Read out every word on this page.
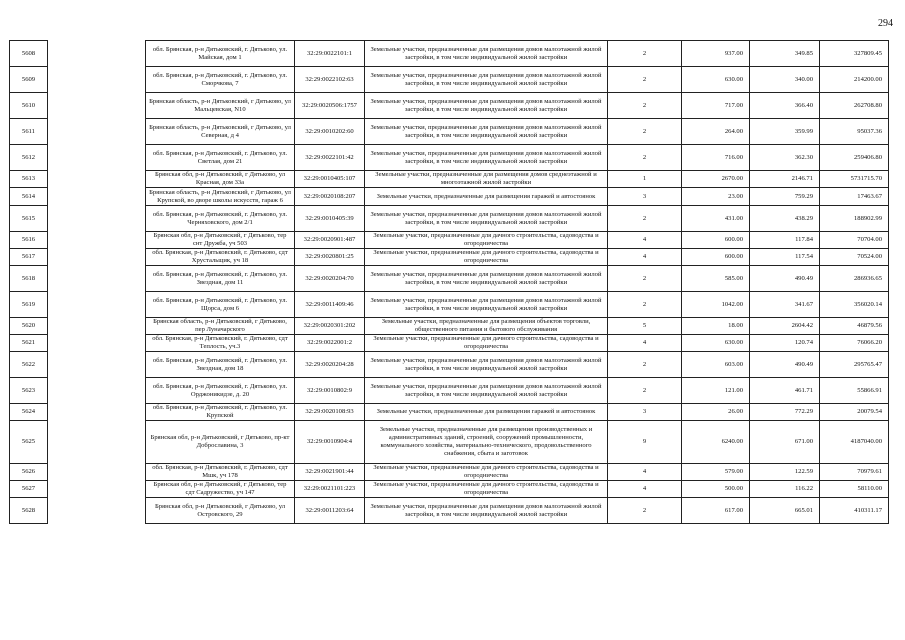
294
5608		обл. Брянская, р-н Дятьковский, г. Дятьково, ул. Майская, дом 1	32:29:0022101:1	Земельные участки, предназначенные для размещения домов малоэтажной жилой застройки, в том числе индивидуальной жилой застройки	2	937.00	349.85	327809.45
5609		обл. Брянская, р-н Дятьковский, г. Дятьково, ул. Сморчкова, 7	32:29:0022102:63	Земельные участки, предназначенные для размещения домов малоэтажной жилой застройки, в том числе индивидуальной жилой застройки	2	630.00	340.00	214200.00
5610		Брянская область, р-н Дятьковский, г Дятьково, ул Мальцевская, N10	32:29:0020506:1757	Земельные участки, предназначенные для размещения домов малоэтажной жилой застройки, в том числе индивидуальной жилой застройки	2	717.00	366.40	262708.80
5611		Брянская область, р-н Дятьковский, г Дятьково, ул Северная, д 4	32:29:0010202:60	Земельные участки, предназначенные для размещения домов малоэтажной жилой застройки, в том числе индивидуальной жилой застройки	2	264.00	359.99	95037.36
5612		обл. Брянская, р-н Дятьковский, г. Дятьково, ул. Светлая, дом 21	32:29:0022101:42	Земельные участки, предназначенные для размещения домов малоэтажной жилой застройки, в том числе индивидуальной жилой застройки	2	716.00	362.30	259406.80
5613		Брянская обл, р-н Дятьковский, г Дятьково, ул Красная, дом 33а	32:29:0010405:107	Земельные участки, предназначенные для размещения домов среднеэтажной и многоэтажной жилой застройки	1	2670.00	2146.71	5731715.70
5614		Брянская область, р-н Дятьковский, г Дятьково, ул Крупской, во дворе школы искусств, гараж 6	32:29:0020108:207	Земельные участки, предназначенные для размещения гаражей и автостоянок	3	23.00	759.29	17463.67
5615		обл. Брянская, р-н Дятьковский, г. Дятьково, ул. Черняховского, дом 2/1	32:29:0010405:39	Земельные участки, предназначенные для размещения домов малоэтажной жилой застройки, в том числе индивидуальной жилой застройки	2	431.00	438.29	188902.99
5616		Брянская обл, р-н Дятьковский, г Дятьково, тер снт Дружба, уч 503	32:29:0020901:487	Земельные участки, предназначенные для дачного строительства, садоводства и огородничества	4	600.00	117.84	70704.00
5617		обл. Брянская, р-н Дятьковский, г. Дятьково, сдт Хрустальщик, уч 18	32:29:0020801:25	Земельные участки, предназначенные для дачного строительства, садоводства и огородничества	4	600.00	117.54	70524.00
5618		обл. Брянская, р-н Дятьковский, г. Дятьково, ул. Звездная, дом 11	32:29:0020204:70	Земельные участки, предназначенные для размещения домов малоэтажной жилой застройки, в том числе индивидуальной жилой застройки	2	585.00	490.49	286936.65
5619		обл. Брянская, р-н Дятьковский, г. Дятьково, ул. Щорса, дом 6	32:29:0011409:46	Земельные участки, предназначенные для размещения домов малоэтажной жилой застройки, в том числе индивидуальной жилой застройки	2	1042.00	341.67	356020.14
5620		Брянская область, р-н Дятьковский, г Дятьково, пер Луначарского	32:29:0020301:202	Земельные участки, предназначенные для размещения объектов торговли, общественного питания и бытового обслуживания	5	18.00	2604.42	46879.56
5621		обл. Брянская, р-н Дятьковский, г. Дятьково, сдт Теплость, уч.3	32:29:0022001:2	Земельные участки, предназначенные для дачного строительства, садоводства и огородничества	4	630.00	120.74	76066.20
5622		обл. Брянская, р-н Дятьковский, г. Дятьково, ул. Звездная, дом 18	32:29:0020204:28	Земельные участки, предназначенные для размещения домов малоэтажной жилой застройки, в том числе индивидуальной жилой застройки	2	603.00	490.49	295765.47
5623		обл. Брянская, р-н Дятьковский, г. Дятьково, ул. Орджоникидзе, д. 20	32:29:0010802:9	Земельные участки, предназначенные для размещения домов малоэтажной жилой застройки, в том числе индивидуальной жилой застройки	2	121.00	461.71	55866.91
5624		обл. Брянская, р-н Дятьковский, г. Дятьково, ул. Крупской	32:29:0020108:93	Земельные участки, предназначенные для размещения гаражей и автостоянок	3	26.00	772.29	20079.54
5625		Брянская обл, р-н Дятьковский, г Дятьково, пр-кт Доброславина, 3	32:29:0010904:4	Земельные участки, предназначенные для размещения производственных и административных зданий, строений, сооружений промышленности, коммунального хозяйства, материально-технического, продовольственного снабжения, сбыта и заготовок	9	6240.00	671.00	4187040.00
5626		обл. Брянская, р-н Дятьковский, г. Дятьково, сдт Мшк, уч 178	32:29:0021901:44	Земельные участки, предназначенные для дачного строительства, садоводства и огородничества	4	579.00	122.59	70979.61
5627		Брянская обл, р-н Дятьковский, г Дятьково, тер сдт Садружество, уч 147	32:29:0021101:223	Земельные участки, предназначенные для дачного строительства, садоводства и огородничества	4	500.00	116.22	58110.00
5628		Брянская обл, р-н Дятьковский, г Дятьково, ул Островского, 29	32:29:0011203:64	Земельные участки, предназначенные для размещения домов малоэтажной жилой застройки, в том числе индивидуальной жилой застройки	2	617.00	665.01	410311.17
